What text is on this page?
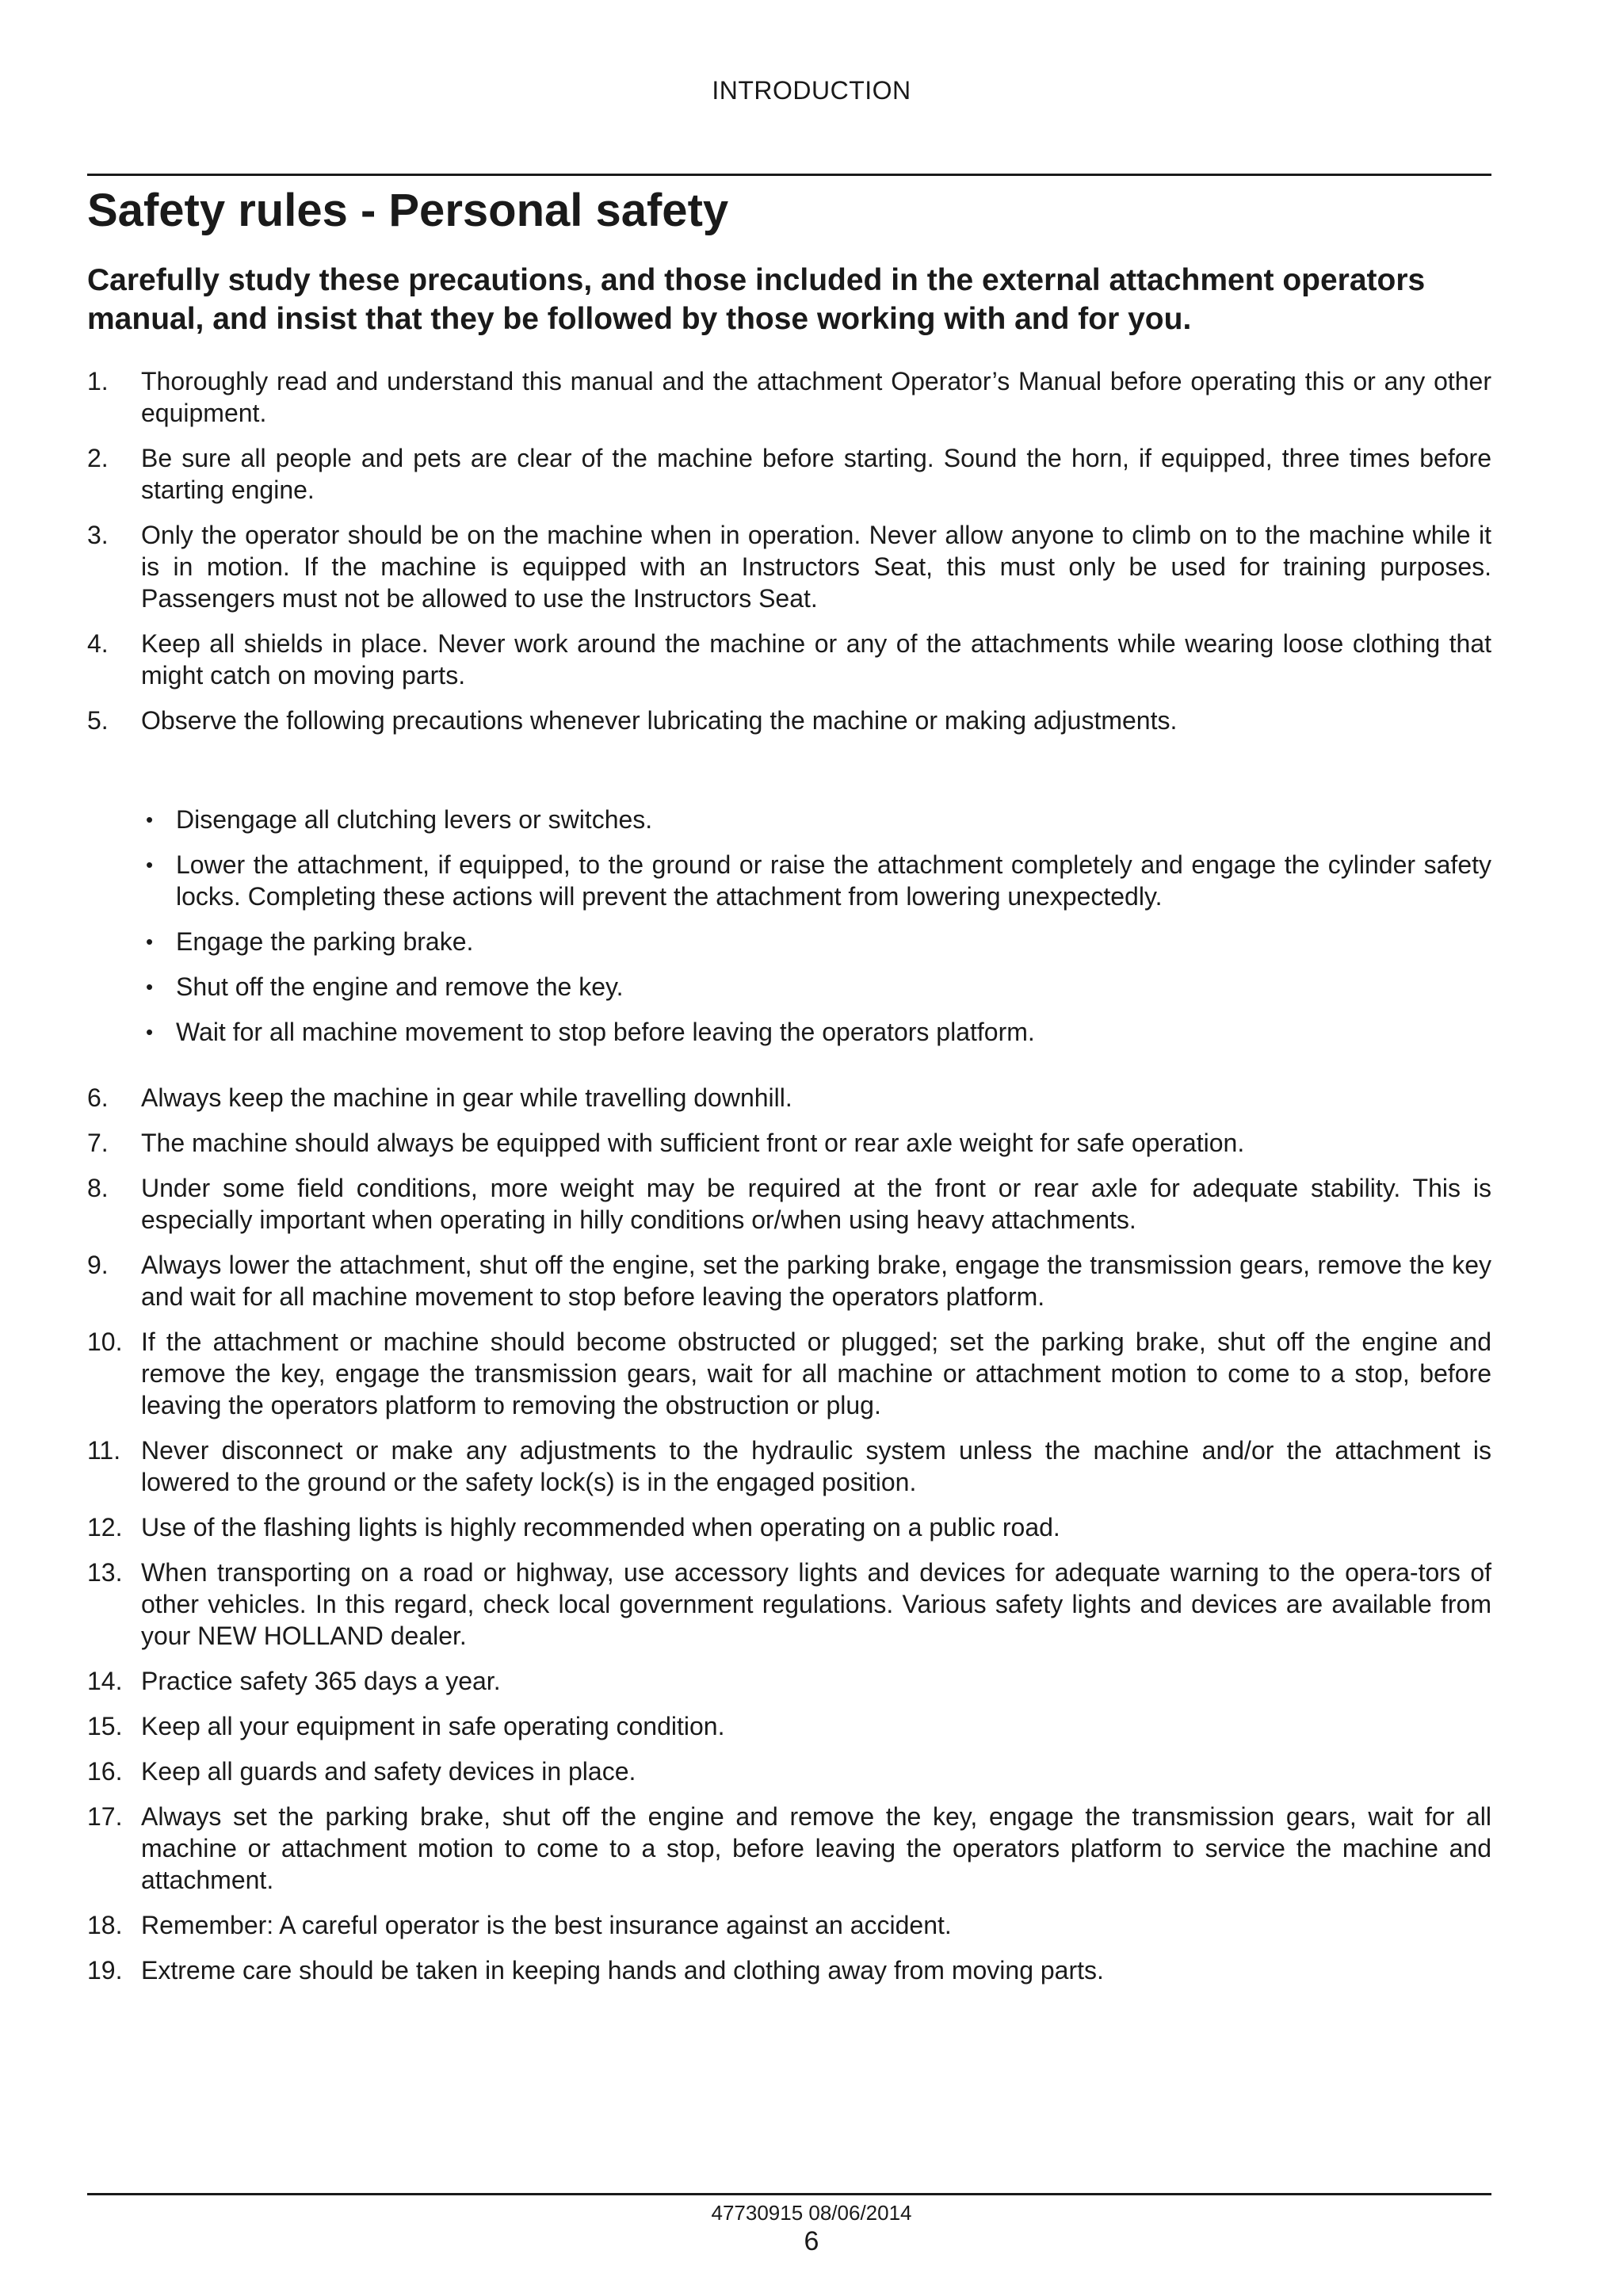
INTRODUCTION
Safety rules - Personal safety

Carefully study these precautions, and those included in the external attachment operators manual, and insist that they be followed by those working with and for you.

1.	Thoroughly read and understand this manual and the attachment Operator’s Manual before operating this or any other equipment.
2.	Be sure all people and pets are clear of the machine before starting. Sound the horn, if equipped, three times before starting engine.
3.	Only the operator should be on the machine when in operation. Never allow anyone to climb on to the machine while it is in motion. If the machine is equipped with an Instructors Seat, this must only be used for training purposes. Passengers must not be allowed to use the Instructors Seat.
4.	Keep all shields in place. Never work around the machine or any of the attachments while wearing loose clothing that might catch on moving parts.
5.	Observe the following precautions whenever lubricating the machine or making adjustments.
• Disengage all clutching levers or switches.
• Lower the attachment, if equipped, to the ground or raise the attachment completely and engage the cylinder safety locks. Completing these actions will prevent the attachment from lowering unexpectedly.
• Engage the parking brake.
• Shut off the engine and remove the key.
• Wait for all machine movement to stop before leaving the operators platform.
6.	Always keep the machine in gear while travelling downhill.
7.	The machine should always be equipped with sufficient front or rear axle weight for safe operation.
8.	Under some field conditions, more weight may be required at the front or rear axle for adequate stability. This is especially important when operating in hilly conditions or/when using heavy attachments.
9.	Always lower the attachment, shut off the engine, set the parking brake, engage the transmission gears, remove the key and wait for all machine movement to stop before leaving the operators platform.
10. If the attachment or machine should become obstructed or plugged; set the parking brake, shut off the engine and remove the key, engage the transmission gears, wait for all machine or attachment motion to come to a stop, before leaving the operators platform to removing the obstruction or plug.
11. Never disconnect or make any adjustments to the hydraulic system unless the machine and/or the attachment is lowered to the ground or the safety lock(s) is in the engaged position.
12. Use of the flashing lights is highly recommended when operating on a public road.
13. When transporting on a road or highway, use accessory lights and devices for adequate warning to the opera-tors of other vehicles. In this regard, check local government regulations. Various safety lights and devices are available from your NEW HOLLAND dealer.
14. Practice safety 365 days a year.
15. Keep all your equipment in safe operating condition.
16. Keep all guards and safety devices in place.
17. Always set the parking brake, shut off the engine and remove the key, engage the transmission gears, wait for all machine or attachment motion to come to a stop, before leaving the operators platform to service the machine and attachment.
18. Remember: A careful operator is the best insurance against an accident.
19. Extreme care should be taken in keeping hands and clothing away from moving parts.
47730915 08/06/2014
6
